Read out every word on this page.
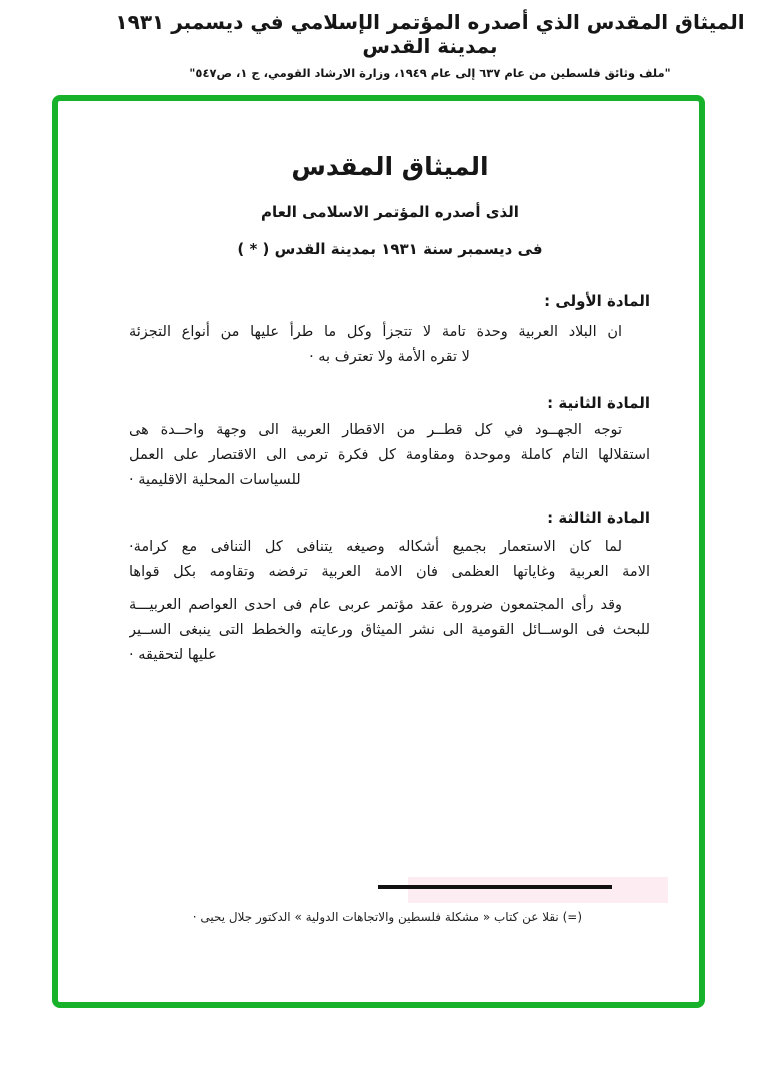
الميثاق المقدس الذي أصدره المؤتمر الإسلامي في ديسمبر ١٩٣١ بمدينة القدس
"ملف وثائق فلسطين من عام ٦٣٧ إلى عام ١٩٤٩، وزارة الارشاد القومي، ج ١، ص٥٤٧"
الميثاق المقدس
الذى أصدره المؤتمر الاسلامى العام
فى ديسمبر سنة ١٩٣١ بمدينة القدس ( * )
المادة الأولى :
ان البلاد العربية وحدة تامة لا تتجزأ وكل ما طرأ عليها من أنواع التجزئة
لا تقره الأمة ولا تعترف به ·
المادة الثانية :
توجه الجهــود في كل قطــر من الاقطار العربية الى وجهة واحــدة هى
استقلالها التام كاملة وموحدة ومقاومة كل فكرة ترمى الى الاقتصار على العمل
للسياسات المحلية الاقليمية ·
المادة الثالثة :
لما كان الاستعمار بجميع أشكاله وصيغه يتنافى كل التنافى مع كرامة·
الامة العربية وغاياتها العظمى فان الامة العربية ترفضه وتقاومه بكل قواها
وقد رأى المجتمعون ضرورة عقد مؤتمر عربى عام فى احدى العواصم العربيـــة
للبحث فى الوســائل القومية الى نشر الميثاق ورعايته والخطط التى ينبغى الســير
عليها لتحقيقه ·
(=) نقلا عن كتاب « مشكلة فلسطين والاتجاهات الدولية » الدكتور جلال يحيى ·
